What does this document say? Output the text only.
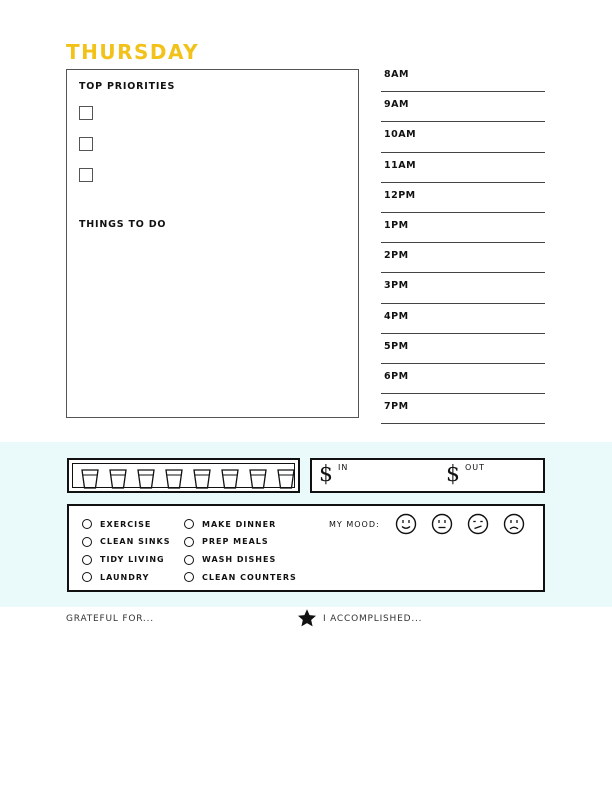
THURSDAY

TOP PRIORITIES

THINGS TO DO

8AM
9AM
10AM
11AM
12PM
1PM
2PM
3PM
4PM
5PM
6PM
7PM
$ IN	$ OUT
MY MOOD:
EXERCISE
CLEAN SINKS
TIDY LIVING
LAUNDRY
MAKE DINNER
PREP MEALS
WASH DISHES
CLEAN COUNTERS
GRATEFUL FOR...	I ACCOMPLISHED...
